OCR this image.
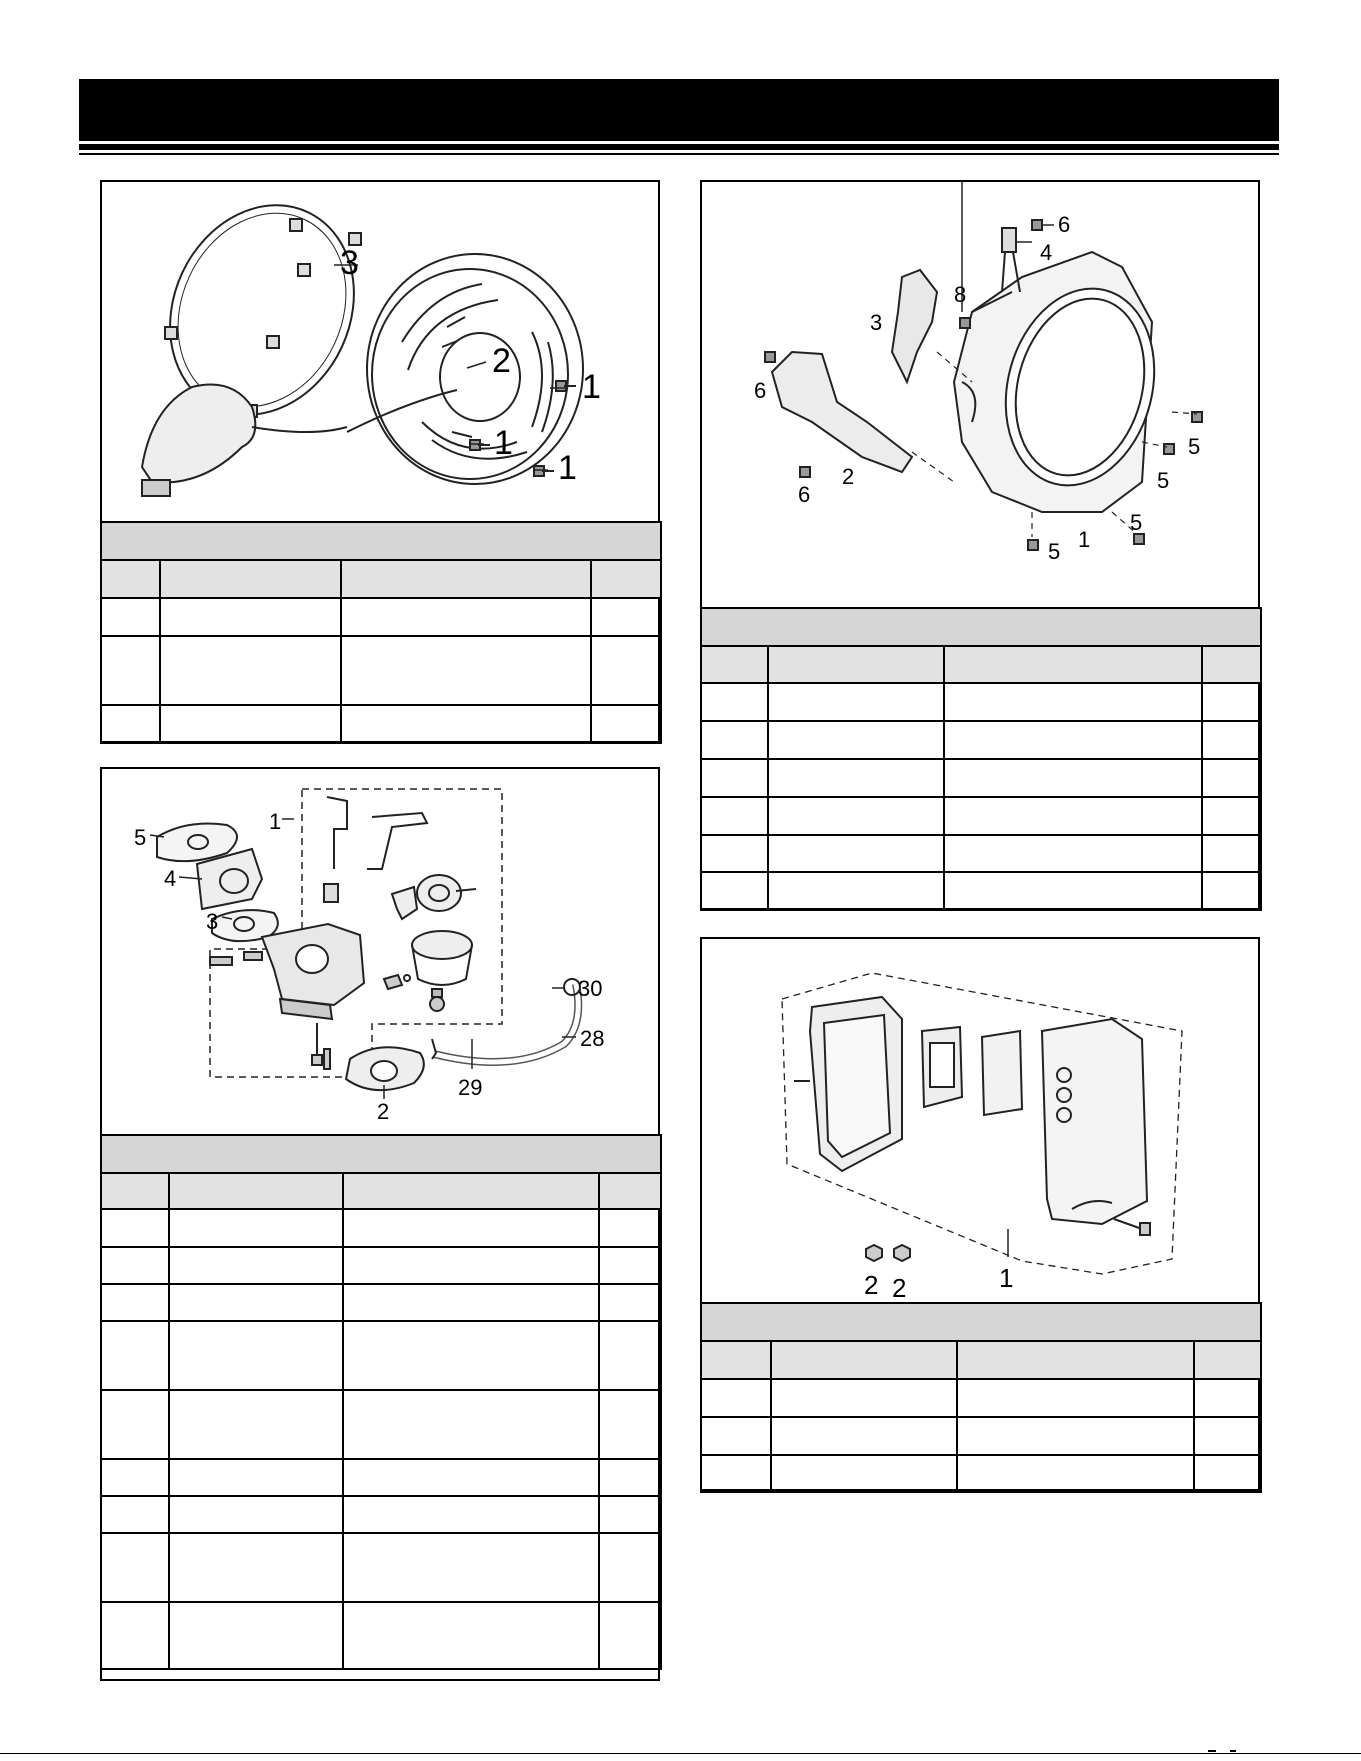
3
2
1
1
1

1
5
4
3
30
28
2
29

6
4
8
3
6
6
2
5
5
5
5 1

2 2	1
